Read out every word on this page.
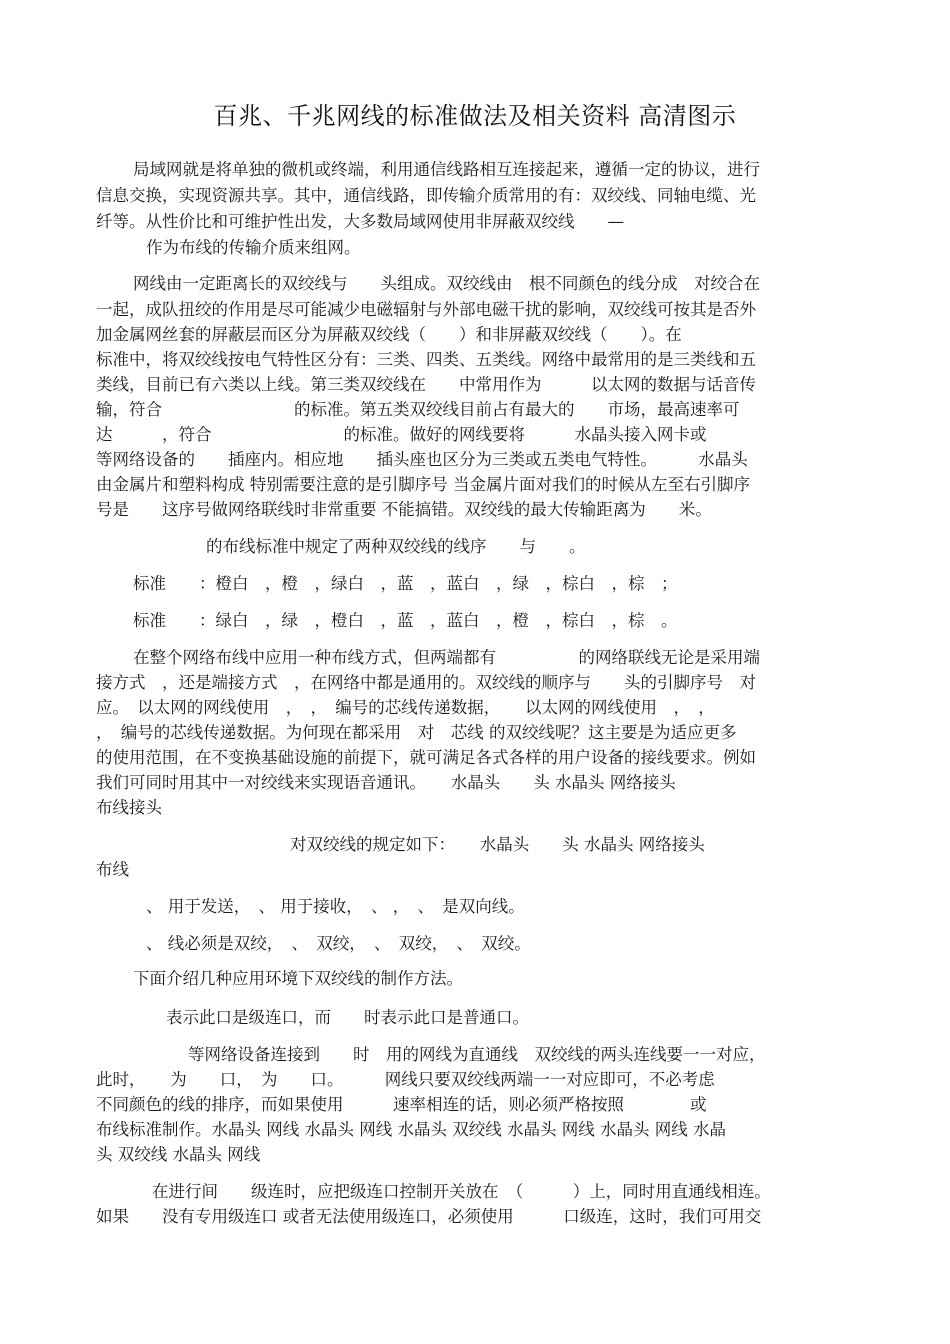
百兆、千兆网线的标准做法及相关资料 高清图示
局域网就是将单独的微机或终端，利用通信线路相互连接起来，遵循一定的协议，进行
信息交换，实现资源共享。其中，通信线路，即传输介质常用的有：双绞线、同轴电缆、光
纤等。从性价比和可维护性出发，大多数局域网使用非屏蔽双绞线　　—
作为布线的传输介质来组网。
网线由一定距离长的双绞线与　　头组成。双绞线由　根不同颜色的线分成　对绞合在
一起，成队扭绞的作用是尽可能减少电磁辐射与外部电磁干扰的影响，双绞线可按其是否外
加金属网丝套的屏蔽层而区分为屏蔽双绞线（　　）和非屏蔽双绞线（　　）。在
标准中，将双绞线按电气特性区分有：三类、四类、五类线。网络中最常用的是三类线和五
类线，目前已有六类以上线。第三类双绞线在　　中常用作为　　　以太网的数据与话音传
输，符合　　　　　　　　的标准。第五类双绞线目前占有最大的　　市场，最高速率可
达　　　，符合　　　　　　　　的标准。做好的网线要将　　　水晶头接入网卡或
等网络设备的　　插座内。相应地　　插头座也区分为三类或五类电气特性。　　　水晶头
由金属片和塑料构成 特别需要注意的是引脚序号 当金属片面对我们的时候从左至右引脚序
号是　　这序号做网络联线时非常重要 不能搞错。双绞线的最大传输距离为　　米。
的布线标准中规定了两种双绞线的线序　　与　　。
标准　　：橙白　，橙　，绿白　，蓝　，蓝白　，绿　，棕白　，棕　；
标准　　：绿白　，绿　，橙白　，蓝　，蓝白　，橙　，棕白　，棕　。
在整个网络布线中应用一种布线方式，但两端都有　　　　　的网络联线无论是采用端
接方式　，还是端接方式　，在网络中都是通用的。双绞线的顺序与　　头的引脚序号　对
应。　以太网的网线使用　，　，　编号的芯线传递数据，　　以太网的网线使用　，　，
，　编号的芯线传递数据。为何现在都采用　对　芯线 的双绞线呢？这主要是为适应更多
的使用范围，在不变换基础设施的前提下，就可满足各式各样的用户设备的接线要求。例如
我们可同时用其中一对绞线来实现语音通讯。　　水晶头　　头 水晶头 网络接头
布线接头
对双绞线的规定如下：　　水晶头　　头 水晶头 网络接头
布线
、 用于发送，　、 用于接收，　、 ，　、　是双向线。
、 线必须是双绞，　、　双绞，　、　双绞，　、　双绞。
下面介绍几种应用环境下双绞线的制作方法。
表示此口是级连口，而　　时表示此口是普通口。
等网络设备连接到　　时　用的网线为直通线　双绞线的两头连线要一一对应，
此时，　　为　　口，　为　　口。　　　网线只要双绞线两端一一对应即可，不必考虑
不同颜色的线的排序，而如果使用　　　速率相连的话，则必须严格按照　　　　或
布线标准制作。水晶头 网线 水晶头 网线 水晶头 双绞线 水晶头 网线 水晶头 网线 水晶
头 双绞线 水晶头 网线
在进行间　　级连时，应把级连口控制开关放在　（　　　）上，同时用直通线相连。
如果　　没有专用级连口 或者无法使用级连口，必须使用　　　口级连，这时，我们可用交
